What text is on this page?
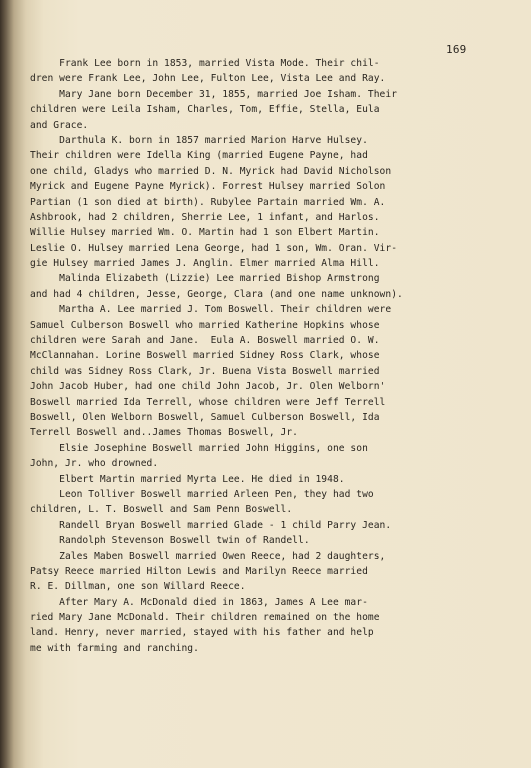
169
Frank Lee born in 1853, married Vista Mode. Their chil-
dren were Frank Lee, John Lee, Fulton Lee, Vista Lee and Ray.
Mary Jane born December 31, 1855, married Joe Isham. Their
children were Leila Isham, Charles, Tom, Effie, Stella, Eula
and Grace.
Darthula K. born in 1857 married Marion Harve Hulsey.
Their children were Idella King (married Eugene Payne, had
one child, Gladys who married D. N. Myrick had David Nicholson
Myrick and Eugene Payne Myrick). Forrest Hulsey married Solon
Partian (1 son died at birth). Rubylee Partain married Wm. A.
Ashbrook, had 2 children, Sherrie Lee, 1 infant, and Harlos.
Willie Hulsey married Wm. O. Martin had 1 son Elbert Martin.
Leslie O. Hulsey married Lena George, had 1 son, Wm. Oran. Vir-
gie Hulsey married James J. Anglin. Elmer married Alma Hill.
Malinda Elizabeth (Lizzie) Lee married Bishop Armstrong
and had 4 children, Jesse, George, Clara (and one name unknown).
Martha A. Lee married J. Tom Boswell. Their children were
Samuel Culberson Boswell who married Katherine Hopkins whose
children were Sarah and Jane.  Eula A. Boswell married O. W.
McClannahan. Lorine Boswell married Sidney Ross Clark, whose
child was Sidney Ross Clark, Jr. Buena Vista Boswell married
John Jacob Huber, had one child John Jacob, Jr. Olen Welborn'
Boswell married Ida Terrell, whose children were Jeff Terrell
Boswell, Olen Welborn Boswell, Samuel Culberson Boswell, Ida
Terrell Boswell and..James Thomas Boswell, Jr.
Elsie Josephine Boswell married John Higgins, one son
John, Jr. who drowned.
Elbert Martin married Myrta Lee. He died in 1948.
Leon Tolliver Boswell married Arleen Pen, they had two
children, L. T. Boswell and Sam Penn Boswell.
Randell Bryan Boswell married Glade - 1 child Parry Jean.
Randolph Stevenson Boswell twin of Randell.
Zales Maben Boswell married Owen Reece, had 2 daughters,
Patsy Reece married Hilton Lewis and Marilyn Reece married
R. E. Dillman, one son Willard Reece.
After Mary A. McDonald died in 1863, James A Lee mar-
ried Mary Jane McDonald. Their children remained on the home
land. Henry, never married, stayed with his father and help
me with farming and ranching.
